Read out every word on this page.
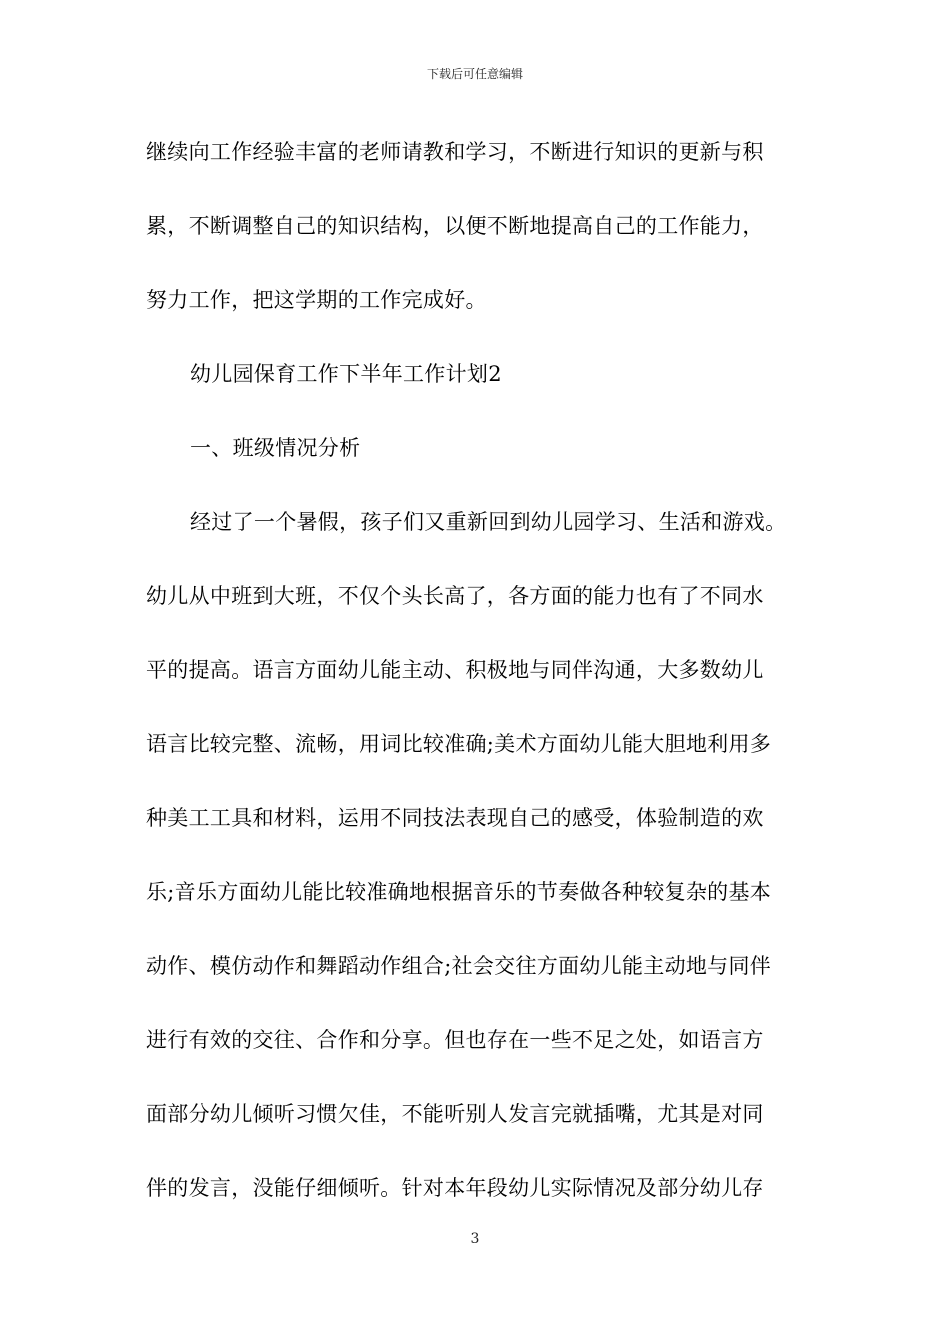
下载后可任意编辑
继续向工作经验丰富的老师请教和学习，不断进行知识的更新与积
累，不断调整自己的知识结构，以便不断地提高自己的工作能力，
努力工作，把这学期的工作完成好。
幼儿园保育工作下半年工作计划2
一、班级情况分析
经过了一个暑假，孩子们又重新回到幼儿园学习、生活和游戏。
幼儿从中班到大班，不仅个头长高了，各方面的能力也有了不同水
平的提高。语言方面幼儿能主动、积极地与同伴沟通，大多数幼儿
语言比较完整、流畅，用词比较准确;美术方面幼儿能大胆地利用多
种美工工具和材料，运用不同技法表现自己的感受，体验制造的欢
乐;音乐方面幼儿能比较准确地根据音乐的节奏做各种较复杂的基本
动作、模仿动作和舞蹈动作组合;社会交往方面幼儿能主动地与同伴
进行有效的交往、合作和分享。但也存在一些不足之处，如语言方
面部分幼儿倾听习惯欠佳，不能听别人发言完就插嘴，尤其是对同
伴的发言，没能仔细倾听。针对本年段幼儿实际情况及部分幼儿存
3
